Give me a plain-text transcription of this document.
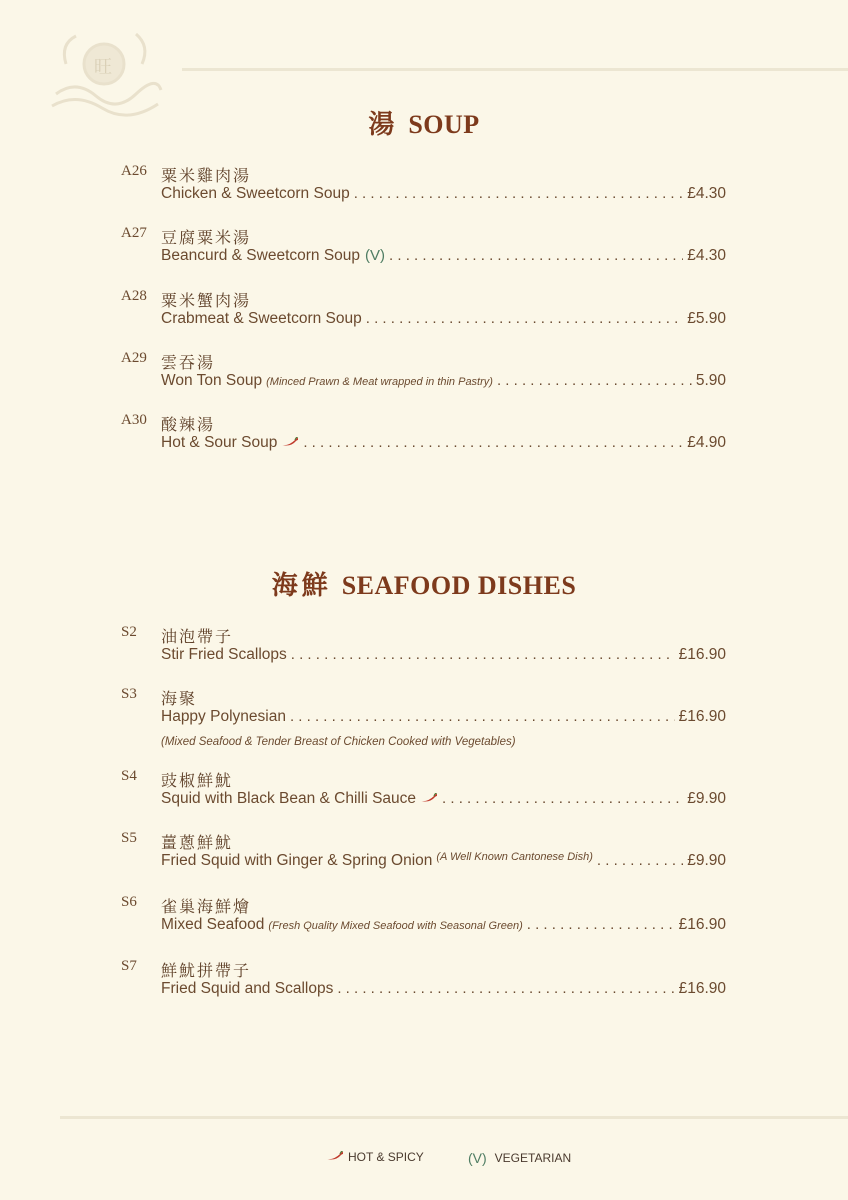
旺
湯 SOUP
A26 粟米雞肉湯
Chicken & Sweetcorn Soup . . .	£4.30
A27 豆腐粟米湯
Beancurd & Sweetcorn Soup (V) . . .	£4.30
A28 粟米蟹肉湯
Crabmeat & Sweetcorn Soup . . .	£5.90
A29 雲吞湯
Won Ton Soup (Minced Prawn & Meat wrapped in thin Pastry) . . .	5.90
A30 酸辣湯
Hot & Sour Soup . . .	£4.90
海鮮 SEAFOOD DISHES
S2 油泡帶子
Stir Fried Scallops . . .	£16.90
S3 海聚
Happy Polynesian . . .	£16.90
(Mixed Seafood & Tender Breast of Chicken Cooked with Vegetables)
S4 豉椒鮮魷
Squid with Black Bean & Chilli Sauce . . .	£9.90
S5 薑蔥鮮魷
Fried Squid with Ginger & Spring Onion (A Well Known Cantonese Dish) . . .	£9.90
S6 雀巢海鮮燴
Mixed Seafood (Fresh Quality Mixed Seafood with Seasonal Green) . . .	£16.90
S7 鮮魷拼帶子
Fried Squid and Scallops . . .	£16.90
HOT & SPICY	(V) VEGETARIAN
